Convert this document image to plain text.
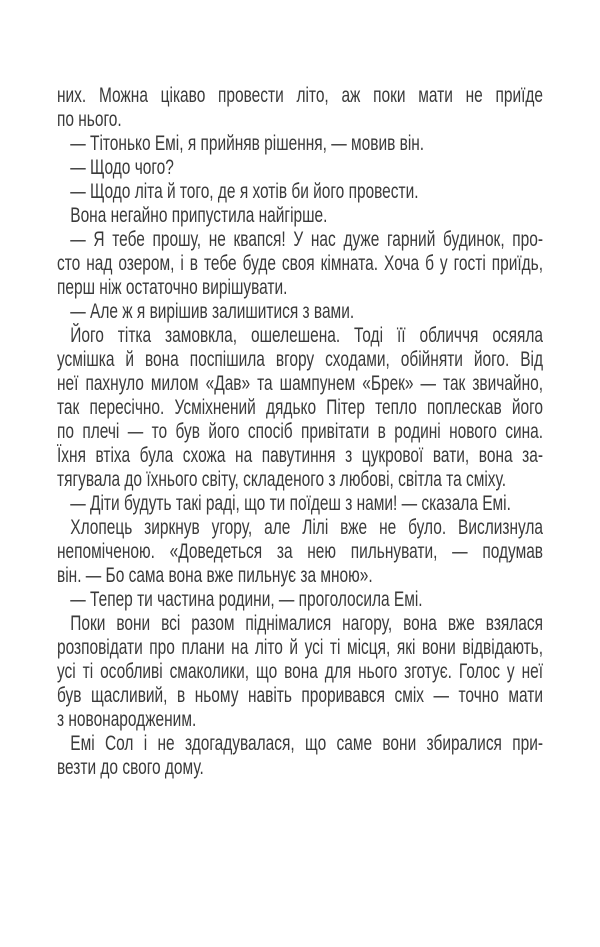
них. Можна цікаво провести літо, аж поки мати не приїде
по нього.
— Тітонько Емі, я прийняв рішення, — мовив він.
— Щодо чого?
— Щодо літа й того, де я хотів би його провести.
Вона негайно припустила найгірше.
— Я тебе прошу, не квапся! У нас дуже гарний будинок, про-
сто над озером, і в тебе буде своя кімната. Хоча б у гості приїдь,
перш ніж остаточно вирішувати.
— Але ж я вирішив залишитися з вами.
Його тітка замовкла, ошелешена. Тоді її обличчя осяяла
усмішка й вона поспішила вгору сходами, обійняти його. Від
неї пахнуло милом «Дав» та шампунем «Брек» — так звичайно,
так пересічно. Усміхнений дядько Пітер тепло поплескав його
по плечі — то був його спосіб привітати в родині нового сина.
Їхня втіха була схожа на павутиння з цукрової вати, вона за-
тягувала до їхнього світу, складеного з любові, світла та сміху.
— Діти будуть такі раді, що ти поїдеш з нами! — сказала Емі.
Хлопець зиркнув угору, але Лілі вже не було. Вислизнула
непоміченою. «Доведеться за нею пильнувати, — подумав
він. — Бо сама вона вже пильнує за мною».
— Тепер ти частина родини, — проголосила Емі.
Поки вони всі разом піднімалися нагору, вона вже взялася
розповідати про плани на літо й усі ті місця, які вони відвідають,
усі ті особливі смаколики, що вона для нього зготує. Голос у неї
був щасливий, в ньому навіть проривався сміх — точно мати
з новонародженим.
Емі Сол і не здогадувалася, що саме вони збиралися при-
везти до свого дому.
